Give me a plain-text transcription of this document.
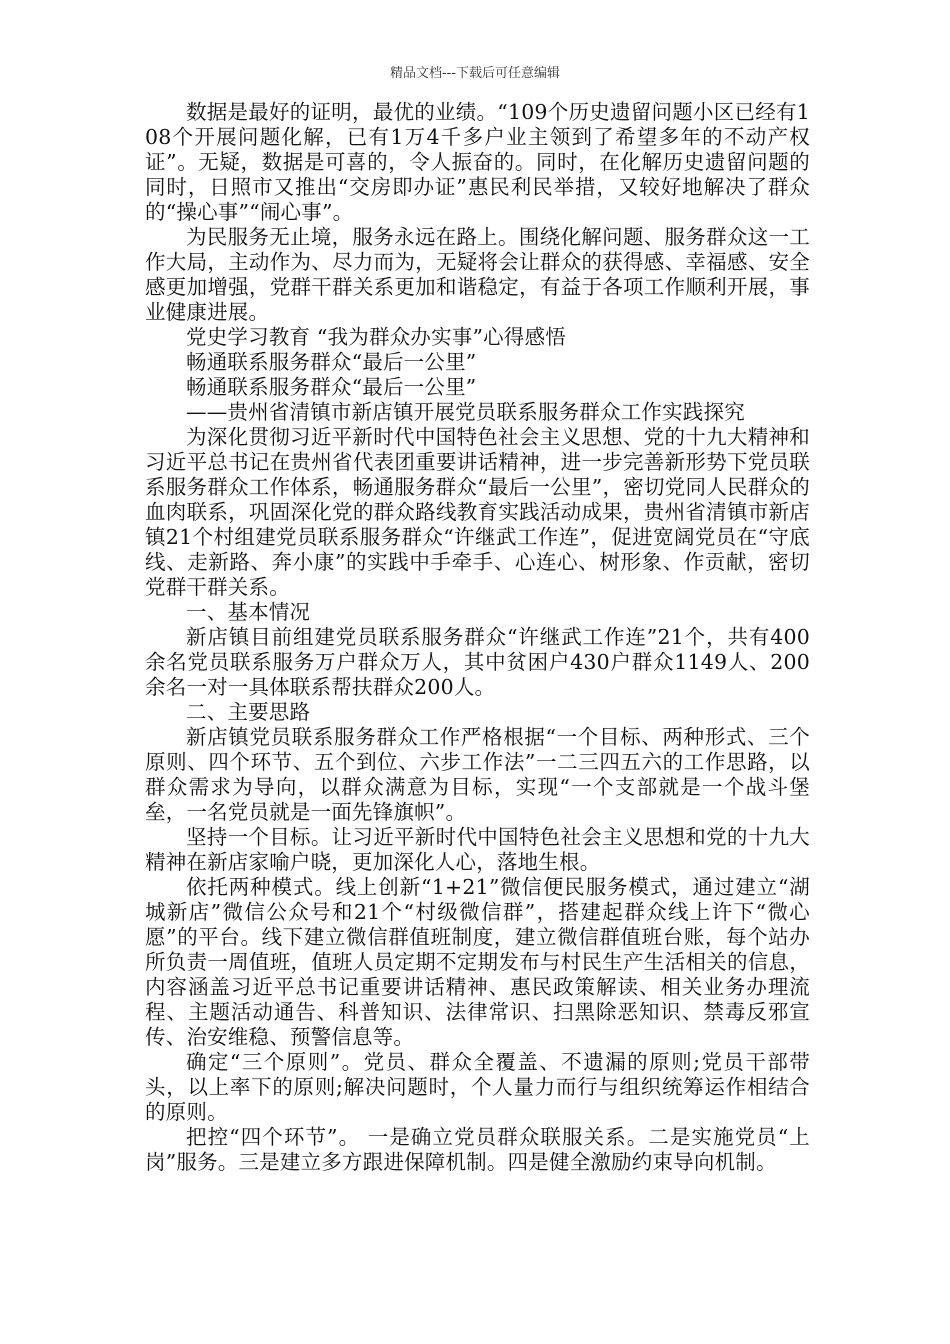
精品文档---下载后可任意编辑

数据是最好的证明，最优的业绩。“109个历史遗留问题小区已经有108个开展问题化解，已有1万4千多户业主领到了希望多年的不动产权证”。无疑，数据是可喜的，令人振奋的。同时，在化解历史遗留问题的同时，日照市又推出“交房即办证”惠民利民举措，又较好地解决了群众的“操心事”“闹心事”。

为民服务无止境，服务永远在路上。围绕化解问题、服务群众这一工作大局，主动作为、尽力而为，无疑将会让群众的获得感、幸福感、安全感更加增强，党群干群关系更加和谐稳定，有益于各项工作顺利开展，事业健康进展。

党史学习教育 “我为群众办实事”心得感悟

畅通联系服务群众“最后一公里”

畅通联系服务群众“最后一公里”

——贵州省清镇市新店镇开展党员联系服务群众工作实践探究

为深化贯彻习近平新时代中国特色社会主义思想、党的十九大精神和习近平总书记在贵州省代表团重要讲话精神，进一步完善新形势下党员联系服务群众工作体系，畅通服务群众“最后一公里”，密切党同人民群众的血肉联系，巩固深化党的群众路线教育实践活动成果，贵州省清镇市新店镇21个村组建党员联系服务群众“许继武工作连”，促进宽阔党员在“守底线、走新路、奔小康”的实践中手牵手、心连心、树形象、作贡献，密切党群干群关系。

一、基本情况

新店镇目前组建党员联系服务群众“许继武工作连”21个，共有400余名党员联系服务万户群众万人，其中贫困户430户群众1149人、200余名一对一具体联系帮扶群众200人。

二、主要思路

新店镇党员联系服务群众工作严格根据“一个目标、两种形式、三个原则、四个环节、五个到位、六步工作法”一二三四五六的工作思路，以群众需求为导向，以群众满意为目标，实现“一个支部就是一个战斗堡垒，一名党员就是一面先锋旗帜”。

坚持一个目标。让习近平新时代中国特色社会主义思想和党的十九大精神在新店家喻户晓，更加深化人心，落地生根。

依托两种模式。线上创新“1+21”微信便民服务模式，通过建立“湖城新店”微信公众号和21个“村级微信群”，搭建起群众线上许下“微心愿”的平台。线下建立微信群值班制度，建立微信群值班台账，每个站办所负责一周值班，值班人员定期不定期发布与村民生产生活相关的信息，内容涵盖习近平总书记重要讲话精神、惠民政策解读、相关业务办理流程、主题活动通告、科普知识、法律常识、扫黑除恶知识、禁毒反邪宣传、治安维稳、预警信息等。

确定“三个原则”。党员、群众全覆盖、不遗漏的原则;党员干部带头，以上率下的原则;解决问题时，个人量力而行与组织统筹运作相结合的原则。

把控“四个环节”。 一是确立党员群众联服关系。二是实施党员“上岗”服务。三是建立多方跟进保障机制。四是健全激励约束导向机制。
